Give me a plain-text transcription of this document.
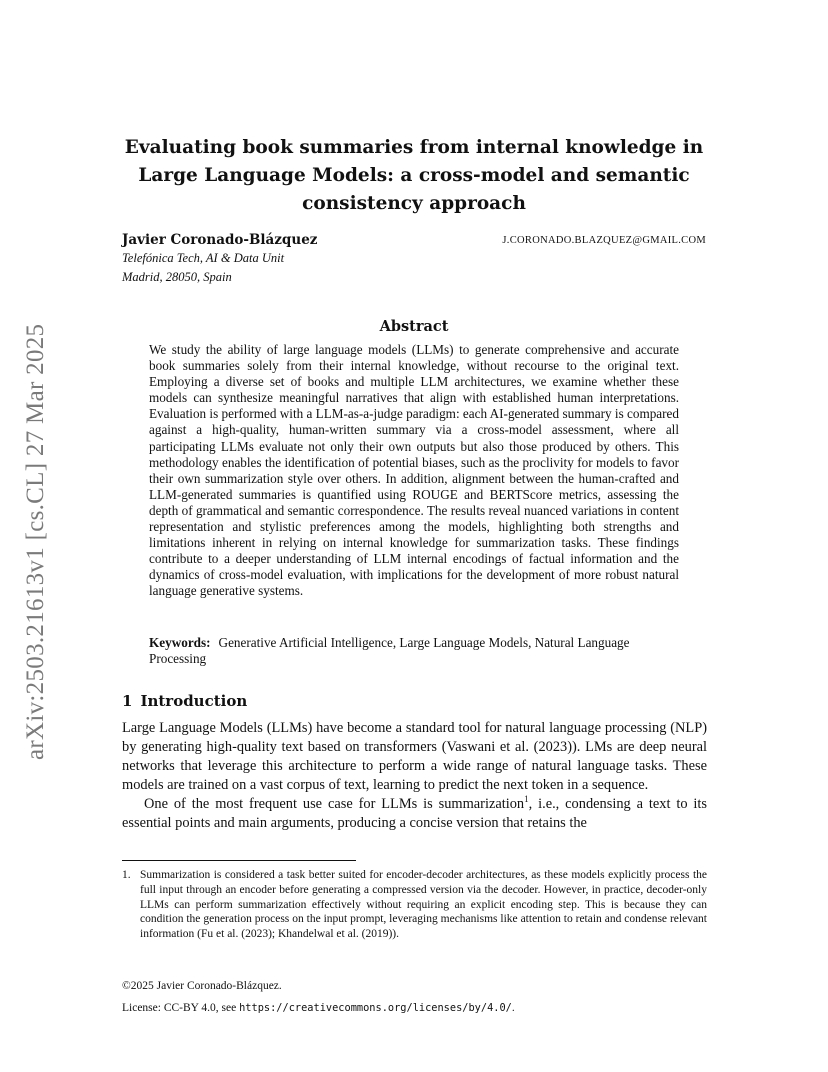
arXiv:2503.21613v1 [cs.CL] 27 Mar 2025
Evaluating book summaries from internal knowledge in Large Language Models: a cross-model and semantic consistency approach
Javier Coronado-Blázquez	J.CORONADO.BLAZQUEZ@GMAIL.COM
Telefónica Tech, AI & Data Unit
Madrid, 28050, Spain
Abstract
We study the ability of large language models (LLMs) to generate comprehensive and accurate book summaries solely from their internal knowledge, without recourse to the original text. Employing a diverse set of books and multiple LLM architectures, we examine whether these models can synthesize meaningful narratives that align with established human interpretations. Evaluation is performed with a LLM-as-a-judge paradigm: each AI-generated summary is compared against a high-quality, human-written summary via a cross-model assessment, where all participating LLMs evaluate not only their own outputs but also those produced by others. This methodology enables the identification of potential biases, such as the proclivity for models to favor their own summarization style over others. In addition, alignment between the human-crafted and LLM-generated summaries is quantified using ROUGE and BERTScore metrics, assessing the depth of grammatical and semantic correspondence. The results reveal nuanced variations in content representation and stylistic preferences among the models, highlighting both strengths and limitations inherent in relying on internal knowledge for summarization tasks. These findings contribute to a deeper understanding of LLM internal encodings of factual information and the dynamics of cross-model evaluation, with implications for the development of more robust natural language generative systems.
Keywords: Generative Artificial Intelligence, Large Language Models, Natural Language Processing
1 Introduction

Large Language Models (LLMs) have become a standard tool for natural language processing (NLP) by generating high-quality text based on transformers (Vaswani et al. (2023)). LMs are deep neural networks that leverage this architecture to perform a wide range of natural language tasks. These models are trained on a vast corpus of text, learning to predict the next token in a sequence.

One of the most frequent use case for LLMs is summarization$^1$, i.e., condensing a text to its essential points and main arguments, producing a concise version that retains the

1. Summarization is considered a task better suited for encoder-decoder architectures, as these models explicitly process the full input through an encoder before generating a compressed version via the decoder. However, in practice, decoder-only LLMs can perform summarization effectively without requiring an explicit encoding step. This is because they can condition the generation process on the input prompt, leveraging mechanisms like attention to retain and condense relevant information (Fu et al. (2023); Khandelwal et al. (2019)).
©2025 Javier Coronado-Blázquez.
License: CC-BY 4.0, see https://creativecommons.org/licenses/by/4.0/.
